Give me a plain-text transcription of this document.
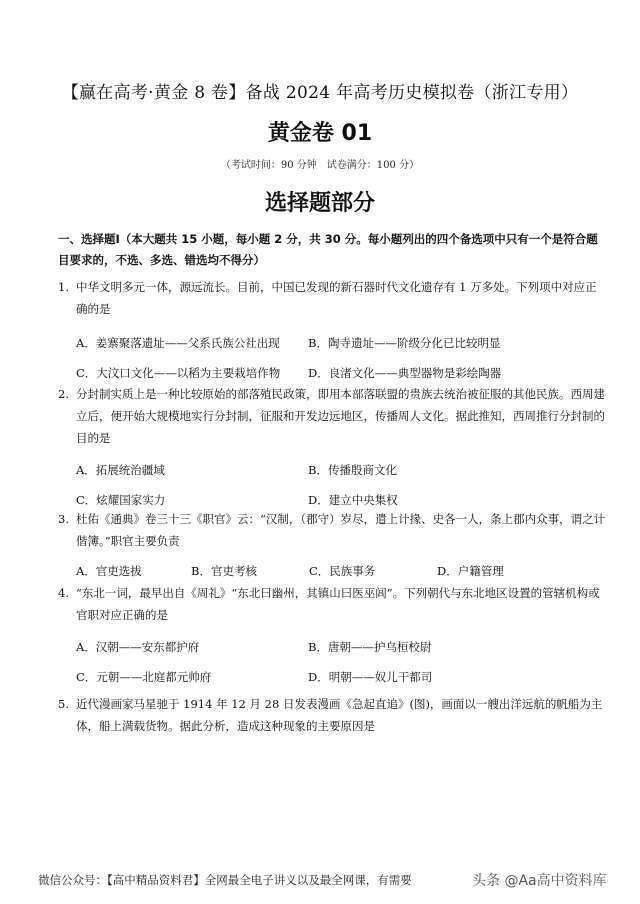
【赢在高考·黄金 8 卷】备战 2024 年高考历史模拟卷（浙江专用）
黄金卷 01
（考试时间：90 分钟　试卷满分：100 分）
选择题部分
一、选择题Ⅰ（本大题共 15 小题，每小题 2 分，共 30 分。每小题列出的四个备选项中只有一个是符合题目要求的，不选、多选、错选均不得分）
1. 中华文明多元一体，源远流长。目前，中国已发现的新石器时代文化遗存有 1 万多处。下列项中对应正确的是
A．姜寨聚落遗址——父系氏族公社出现	B．陶寺遗址——阶级分化已比较明显
C．大汶口文化——以稻为主要栽培作物	D．良渚文化——典型器物是彩绘陶器
2. 分封制实质上是一种比较原始的部落殖民政策，即用本部落联盟的贵族去统治被征服的其他民族。西周建立后，便开始大规模地实行分封制，征服和开发边远地区，传播周人文化。据此推知，西周推行分封制的目的是
A．拓展统治疆域	B．传播殷商文化
C．炫耀国家实力	D．建立中央集权
3. 杜佑《通典》卷三十三《职官》云：“汉制，（郡守）岁尽，遣上计掾、史各一人，条上郡内众事，谓之计偕簿。”职官主要负责
A．官吏选拔	B．官吏考核	C．民族事务	D．户籍管理
4. “东北一词，最早出自《周礼》“东北曰幽州，其镇山曰医巫闾”。下列朝代与东北地区设置的管辖机构或官职对应正确的是
A．汉朝——安东都护府	B．唐朝——护乌桓校尉
C．元朝——北庭都元帅府	D．明朝——奴儿干都司
5. 近代漫画家马星驰于 1914 年 12 月 28 日发表漫画《急起直追》(图)，画面以一艘出洋远航的帆船为主体，船上满载货物。据此分析，造成这种现象的主要原因是
微信公众号：【高中精品资料君】全网最全电子讲义以及最全网课，有需要	头条 @Aa高中资料库
